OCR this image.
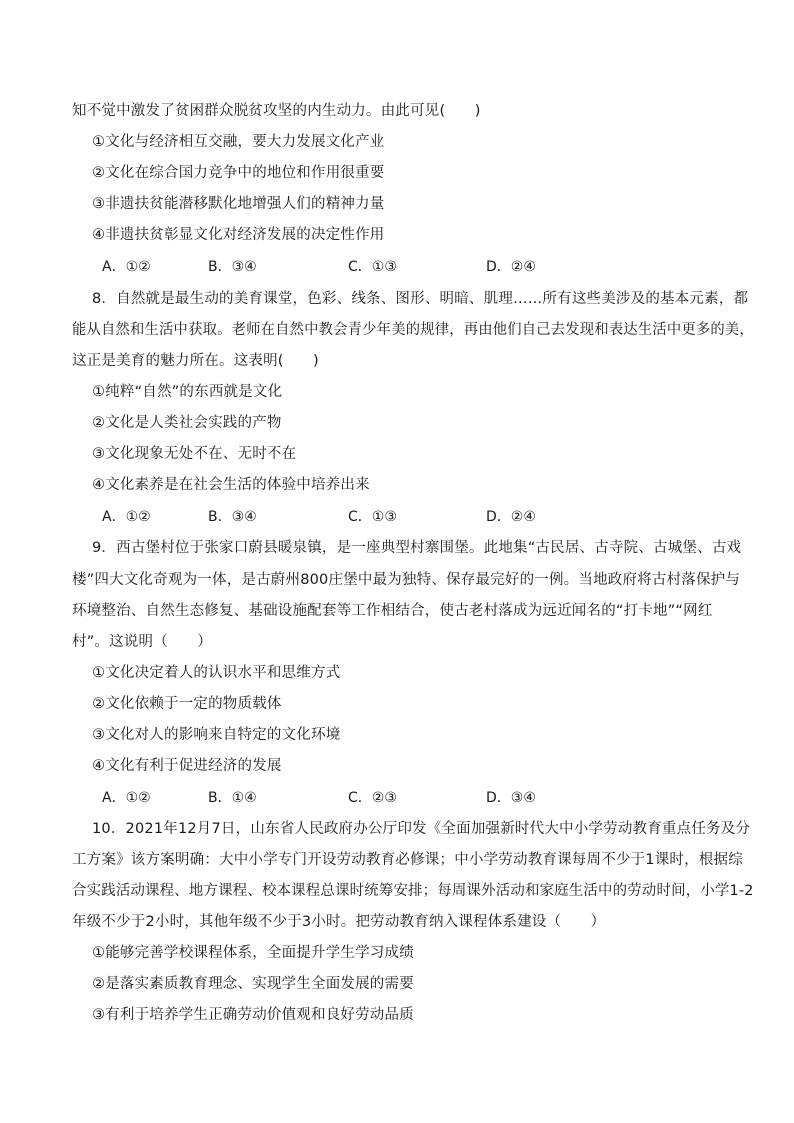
知不觉中激发了贫困群众脱贫攻坚的内生动力。由此可见(　　)
①文化与经济相互交融，要大力发展文化产业
②文化在综合国力竞争中的地位和作用很重要
③非遗扶贫能潜移默化地增强人们的精神力量
④非遗扶贫彰显文化对经济发展的决定性作用
A．①②	B．③④	C．①③	D．②④
8．自然就是最生动的美育课堂，色彩、线条、图形、明暗、肌理……所有这些美涉及的基本元素，都
能从自然和生活中获取。老师在自然中教会青少年美的规律，再由他们自己去发现和表达生活中更多的美，
这正是美育的魅力所在。这表明(　　)
①纯粹“自然”的东西就是文化
②文化是人类社会实践的产物
③文化现象无处不在、无时不在
④文化素养是在社会生活的体验中培养出来
A．①②	B．③④	C．①③	D．②④
9．西古堡村位于张家口蔚县暖泉镇，是一座典型村寨围堡。此地集“古民居、古寺院、古城堡、古戏
楼”四大文化奇观为一体，是古蔚州800庄堡中最为独特、保存最完好的一例。当地政府将古村落保护与
环境整治、自然生态修复、基础设施配套等工作相结合，使古老村落成为远近闻名的“打卡地”“网红
村”。这说明（　　）
①文化决定着人的认识水平和思维方式
②文化依赖于一定的物质载体
③文化对人的影响来自特定的文化环境
④文化有利于促进经济的发展
A．①②	B．①④	C．②③	D．③④
10．2021年12月7日，山东省人民政府办公厅印发《全面加强新时代大中小学劳动教育重点任务及分
工方案》该方案明确：大中小学专门开设劳动教育必修课；中小学劳动教育课每周不少于1课时，根据综
合实践活动课程、地方课程、校本课程总课时统筹安排；每周课外活动和家庭生活中的劳动时间，小学1-2
年级不少于2小时，其他年级不少于3小时。把劳动教育纳入课程体系建设（　　）
①能够完善学校课程体系，全面提升学生学习成绩
②是落实素质教育理念、实现学生全面发展的需要
③有利于培养学生正确劳动价值观和良好劳动品质
